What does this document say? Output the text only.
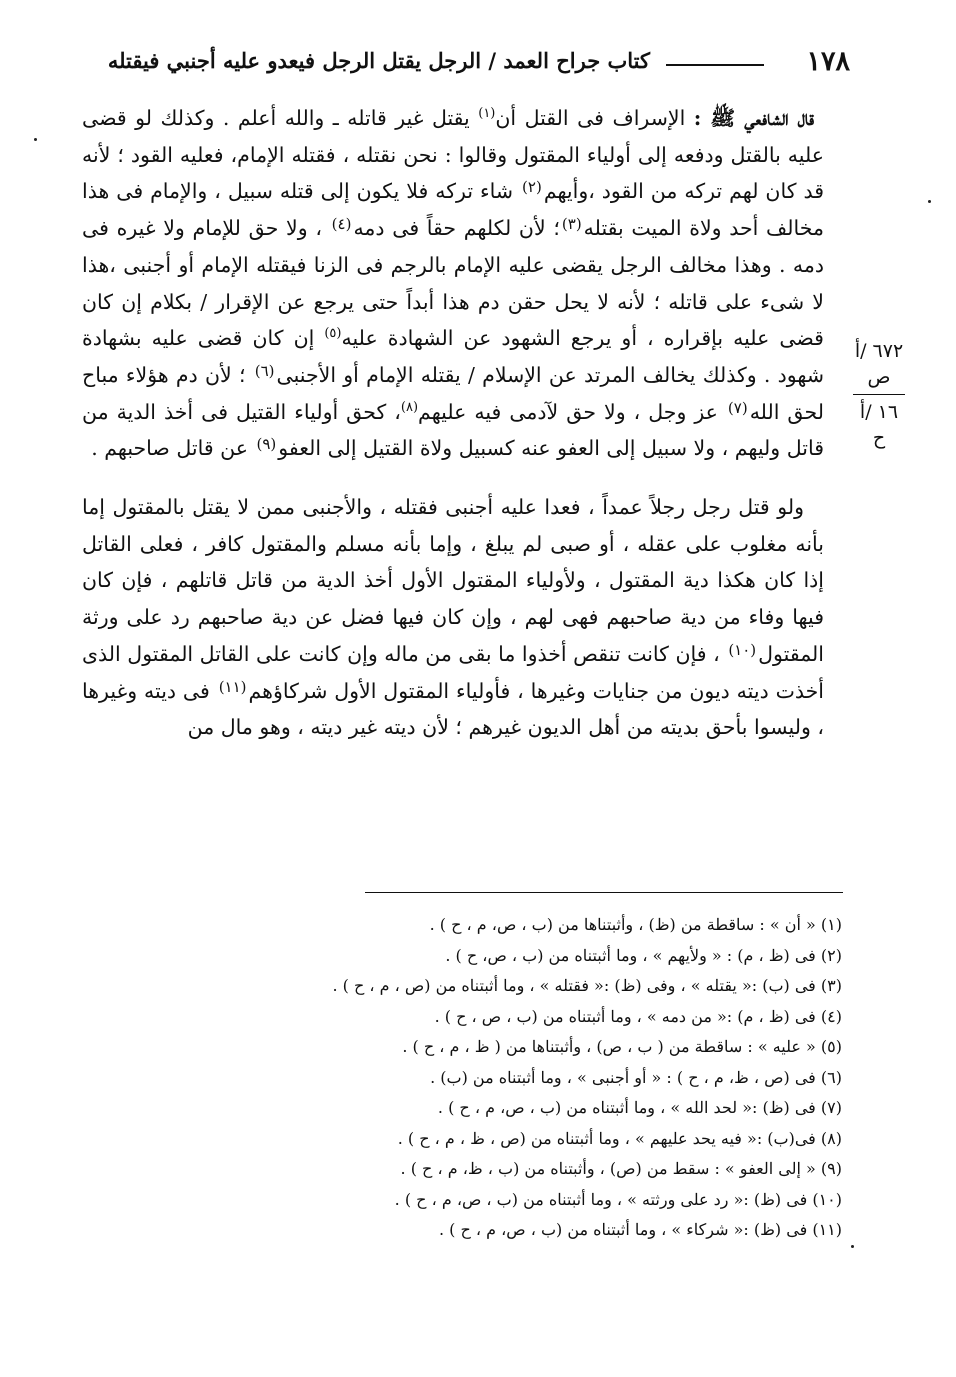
١٧٨
كتاب جراح العمد / الرجل يقتل الرجل فيعدو عليه أجنبي فيقتله

قال الشافعي ﷺ : الإسراف فى القتل أن$^{(١)}$ يقتل غير قاتله ـ والله أعلم . وكذلك لو قضى عليه بالقتل ودفعه إلى أولياء المقتول وقالوا : نحن نقتله ، فقتله الإمام، فعليه القود ؛ لأنه قد كان لهم تركه من القود ،وأيهم$^{(٢)}$ شاء تركه فلا يكون إلى قتله سبيل ، والإمام فى هذا مخالف أحد ولاة الميت بقتله$^{(٣)}$؛ لأن لكلهم حقاً فى دمه$^{(٤)}$ ، ولا حق للإمام ولا غيره فى دمه . وهذا مخالف الرجل يقضى عليه الإمام بالرجم فى الزنا فيقتله الإمام أو أجنبى ،هذا لا شىء على قاتله ؛ لأنه لا يحل حقن دم هذا أبداً حتى يرجع عن الإقرار / بكلام إن كان قضى عليه بإقراره ، أو يرجع الشهود عن الشهادة عليه$^{(٥)}$ إن كان قضى عليه بشهادة شهود . وكذلك يخالف المرتد عن الإسلام / يقتله الإمام أو الأجنبى$^{(٦)}$ ؛ لأن دم هؤلاء مباح لحق الله$^{(٧)}$ عز وجل ، ولا حق لآدمى فيه عليهم$^{(٨)}$، كحق أولياء القتيل فى أخذ الدية من قاتل وليهم ، ولا سبيل إلى العفو عنه كسبيل ولاة القتيل إلى العفو$^{(٩)}$ عن قاتل صاحبهم .

ولو قتل رجل رجلاً عمداً ، فعدا عليه أجنبى فقتله ، والأجنبى ممن لا يقتل بالمقتول إما بأنه مغلوب على عقله ، أو صبى لم يبلغ ، وإما بأنه مسلم والمقتول كافر ، فعلى القاتل إذا كان هكذا دية المقتول ، ولأولياء المقتول الأول أخذ الدية من قاتل قاتلهم ، فإن كان فيها وفاء من دية صاحبهم فهى لهم ، وإن كان فيها فضل عن دية صاحبهم رد على ورثة المقتول$^{(١٠)}$ ، فإن كانت تنقص أخذوا ما بقى من ماله وإن كانت على القاتل المقتول الذى أخذت ديته ديون من جنايات وغيرها ، فأولياء المقتول الأول شركاؤهم$^{(١١)}$ فى ديته وغيرها ، وليسوا بأحق بديته من أهل الديون غيرهم ؛ لأن ديته غير ديته ، وهو مال من

٦٧٢ /أ
ص
١٦ /أ
ح
(١) « أن » : ساقطة من (ظ) ، وأثبتناها من (ب ، ص، م ، ح ) .
(٢) فى (ظ ، م) : « ولأيهم » ، وما أثبتناه من (ب ، ص، ح ) .
(٣) فى (ب) :« يقتله » ، وفى (ظ) :« فقتله » ، وما أثبتناه من (ص ، م ، ح ) .
(٤) فى (ظ ، م) :« من دمه » ، وما أثبتناه من (ب ، ص ، ح ) .
(٥) « عليه » : ساقطة من ( ب ، ص) ، وأثبتناها من ( ظ ، م ، ح ) .
(٦) فى (ص ، ظ، م ، ح ) : « أو أجنبى » ، وما أثبتناه من (ب) .
(٧) فى (ظ) :« لحد الله » ، وما أثبتناه من (ب ، ص، م ، ح ) .
(٨) فى(ب) :« فيه يحد عليهم » ، وما أثبتناه من (ص ، ظ ، م ، ح ) .
(٩) « إلى العفو » : سقط من (ص) ، وأثبتناه من (ب ، ظ، م ، ح ) .
(١٠) فى (ظ) :« رد على ورثته » ، وما أثبتناه من (ب ، ص، م ، ح ) .
(١١) فى (ظ) :« شركاء » ، وما أثبتناه من (ب ، ص، م ، ح ) .
